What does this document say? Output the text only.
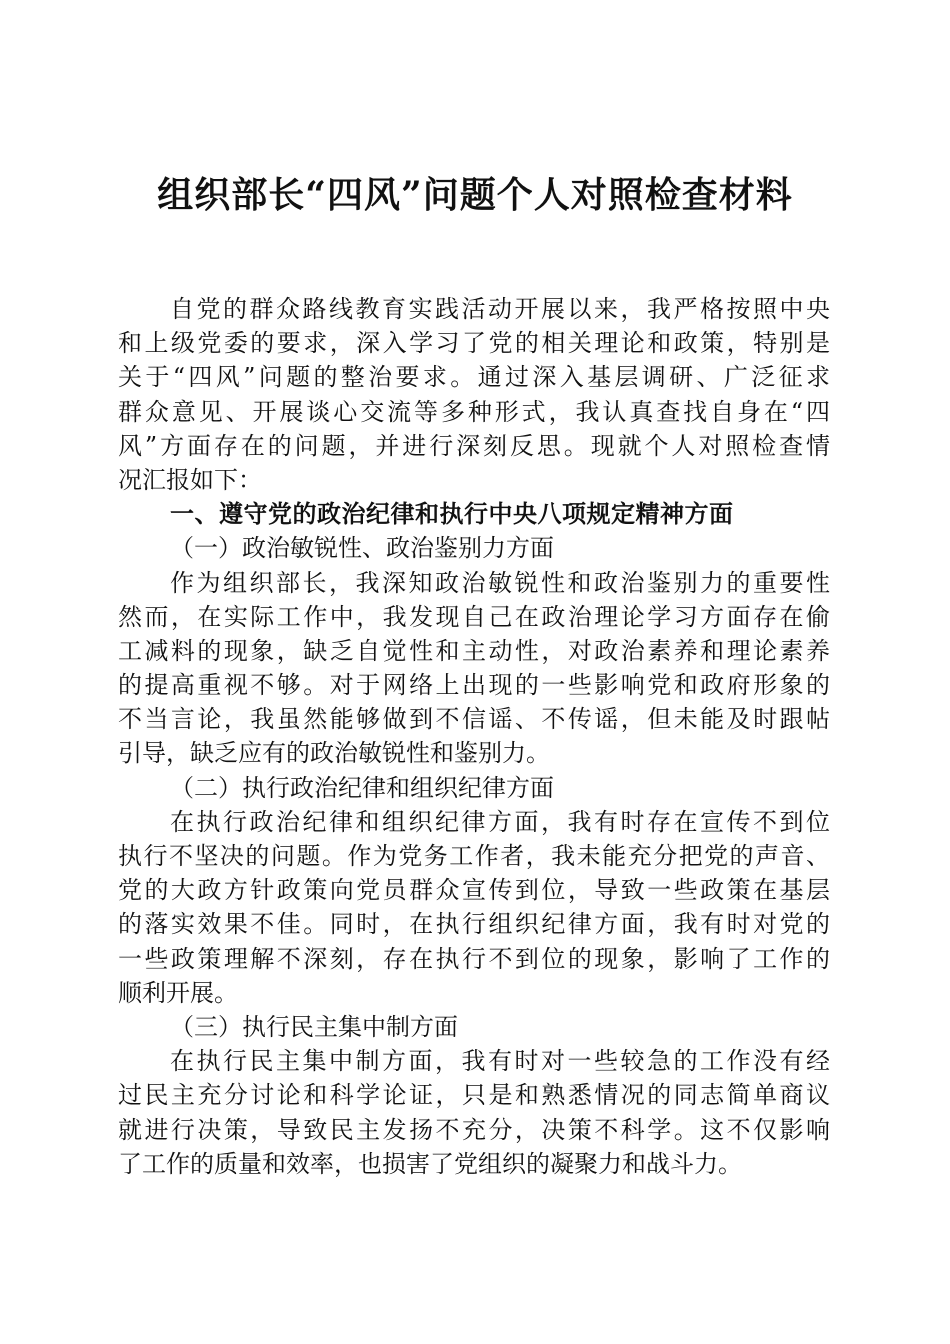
组织部长“四风”问题个人对照检查材料
自党的群众路线教育实践活动开展以来，我严格按照中央
和上级党委的要求，深入学习了党的相关理论和政策，特别是
关于“四风”问题的整治要求。通过深入基层调研、广泛征求
群众意见、开展谈心交流等多种形式，我认真查找自身在“四
风”方面存在的问题，并进行深刻反思。现就个人对照检查情
况汇报如下：
一、遵守党的政治纪律和执行中央八项规定精神方面
（一）政治敏锐性、政治鉴别力方面
作为组织部长，我深知政治敏锐性和政治鉴别力的重要性
然而，在实际工作中，我发现自己在政治理论学习方面存在偷
工减料的现象，缺乏自觉性和主动性，对政治素养和理论素养
的提高重视不够。对于网络上出现的一些影响党和政府形象的
不当言论，我虽然能够做到不信谣、不传谣，但未能及时跟帖
引导，缺乏应有的政治敏锐性和鉴别力。
（二）执行政治纪律和组织纪律方面
在执行政治纪律和组织纪律方面，我有时存在宣传不到位
执行不坚决的问题。作为党务工作者，我未能充分把党的声音、
党的大政方针政策向党员群众宣传到位，导致一些政策在基层
的落实效果不佳。同时，在执行组织纪律方面，我有时对党的
一些政策理解不深刻，存在执行不到位的现象，影响了工作的
顺利开展。
（三）执行民主集中制方面
在执行民主集中制方面，我有时对一些较急的工作没有经
过民主充分讨论和科学论证，只是和熟悉情况的同志简单商议
就进行决策，导致民主发扬不充分，决策不科学。这不仅影响
了工作的质量和效率，也损害了党组织的凝聚力和战斗力。
